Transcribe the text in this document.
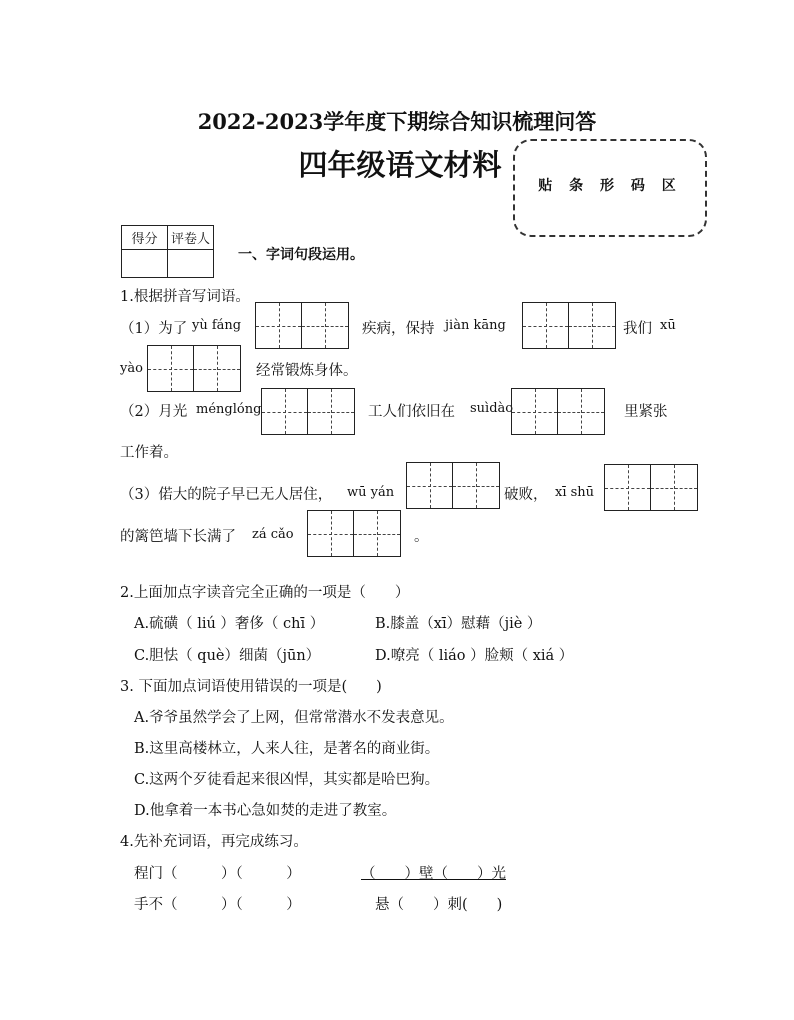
2022-2023学年度下期综合知识梳理问答
四年级语文材料
贴 条 形 码 区
得分	评卷人

一、字词句段运用。
1.根据拼音写词语。
（1）为了 yù fáng	疾病，保持 jiàn kāng	我们 xū
yào	经常锻炼身体。
（2）月光 ménglóng	工人们依旧在 suìdào	里紧张
工作着。
（3）偌大的院子早已无人居住， wū yán	破败， xī shū
的篱笆墙下长满了 zá cǎo	。
2.上面加点字读音完全正确的一项是（　　）
A.硫磺（ liú ）奢侈（ chī ）	B.膝盖（xī）慰藉（jiè ）
C.胆怯（ què）细菌（jūn）	D.嘹亮（ liáo ）脸颊（ xiá ）
3. 下面加点词语使用错误的一项是(　　)
A.爷爷虽然学会了上网，但常常潜水不发表意见。
B.这里高楼林立，人来人往，是著名的商业街。
C.这两个歹徒看起来很凶悍，其实都是哈巴狗。
D.他拿着一本书心急如焚的走进了教室。
4.先补充词语，再完成练习。
程门（　　　）（　　　）	（　　）壁（　　）光
手不（　　　）（　　　）	悬（　　）刺(　　)
